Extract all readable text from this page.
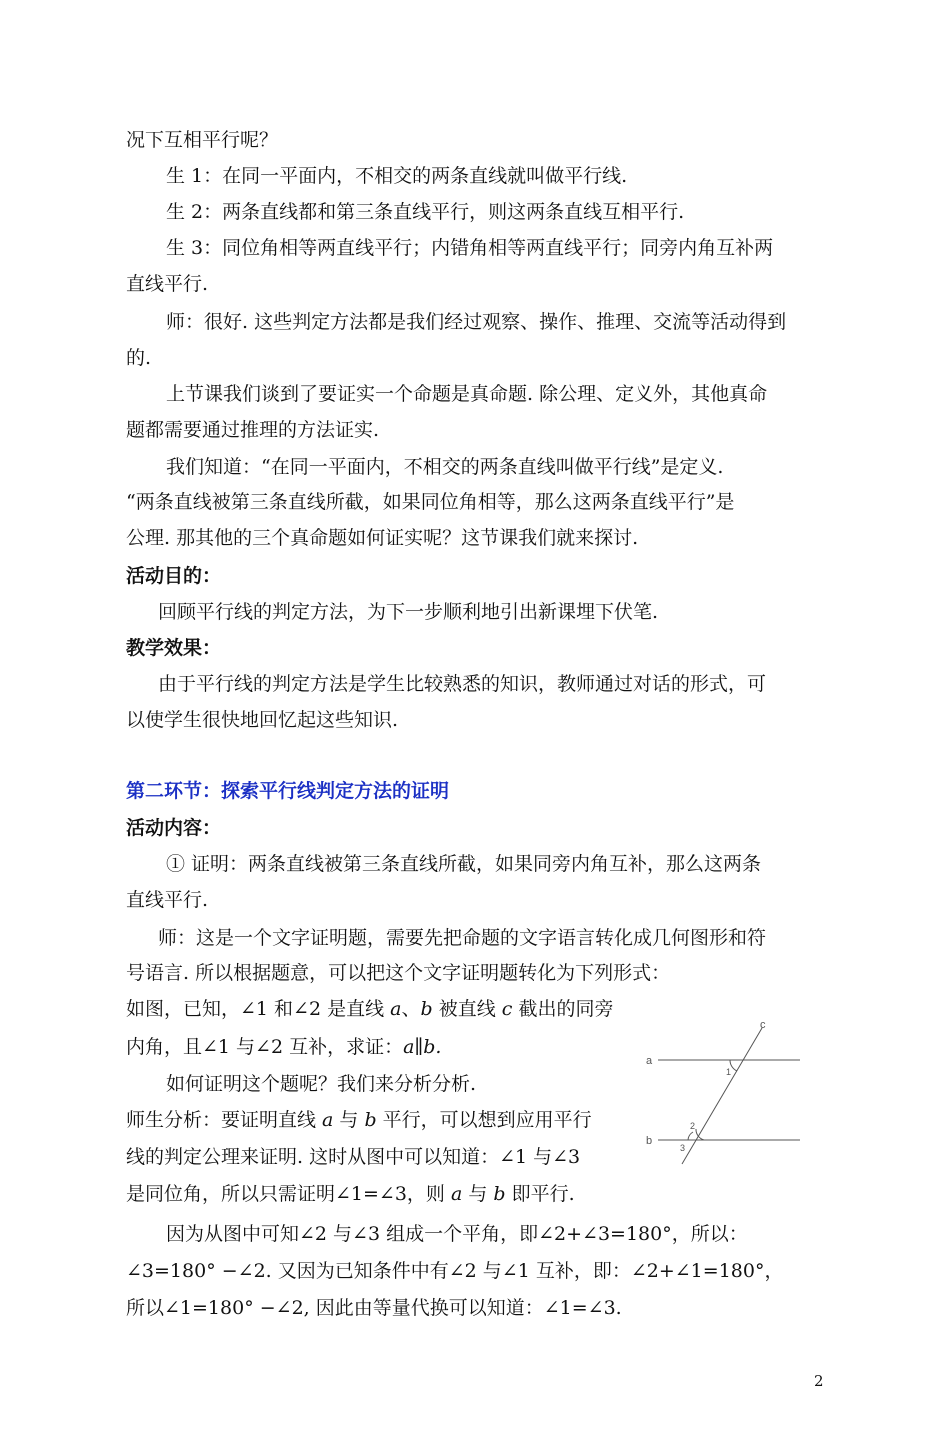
况下互相平行呢？
生 1：在同一平面内，不相交的两条直线就叫做平行线.
生 2：两条直线都和第三条直线平行，则这两条直线互相平行.
生 3：同位角相等两直线平行；内错角相等两直线平行；同旁内角互补两
直线平行.
师：很好. 这些判定方法都是我们经过观察、操作、推理、交流等活动得到
的.
上节课我们谈到了要证实一个命题是真命题. 除公理、定义外，其他真命
题都需要通过推理的方法证实.
我们知道：“在同一平面内，不相交的两条直线叫做平行线”是定义.
“两条直线被第三条直线所截，如果同位角相等，那么这两条直线平行”是
公理. 那其他的三个真命题如何证实呢？这节课我们就来探讨.
活动目的：
回顾平行线的判定方法，为下一步顺利地引出新课埋下伏笔.
教学效果：
由于平行线的判定方法是学生比较熟悉的知识，教师通过对话的形式，可
以使学生很快地回忆起这些知识.
第二环节：探索平行线判定方法的证明
活动内容：
① 证明：两条直线被第三条直线所截，如果同旁内角互补，那么这两条
直线平行.
师：这是一个文字证明题，需要先把命题的文字语言转化成几何图形和符
号语言. 所以根据题意，可以把这个文字证明题转化为下列形式：
如图，已知，∠1 和∠2 是直线 a、b 被直线 c 截出的同旁
内角，且∠1 与∠2 互补，求证：a∥b.
如何证明这个题呢？我们来分析分析.
师生分析：要证明直线 a 与 b 平行，可以想到应用平行
线的判定公理来证明. 这时从图中可以知道：∠1 与∠3
是同位角，所以只需证明∠1=∠3，则 a 与 b 即平行.
因为从图中可知∠2 与∠3 组成一个平角，即∠2+∠3=180°，所以：
∠3=180° −∠2. 又因为已知条件中有∠2 与∠1 互补，即：∠2+∠1=180°，
所以∠1=180° −∠2, 因此由等量代换可以知道：∠1=∠3.
c
a
b
1
2
3
2
